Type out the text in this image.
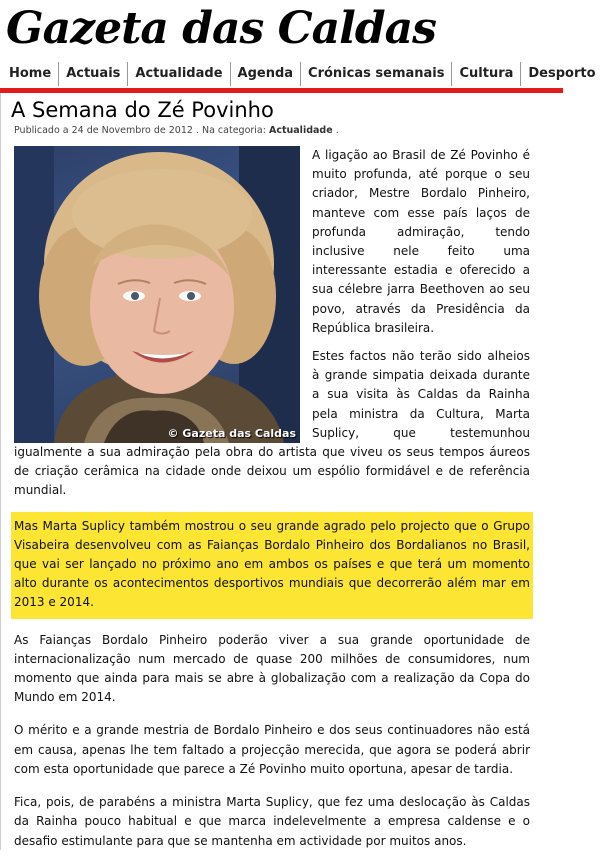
Gazeta das Caldas
Home	Actuais	Actualidade	Agenda	Crónicas semanais	Cultura	Desporto
A Semana do Zé Povinho
Publicado a 24 de Novembro de 2012 . Na categoria: Actualidade .
© Gazeta das Caldas

A ligação ao Brasil de Zé Povinho é muito profunda, até porque o seu criador, Mestre Bordalo Pinheiro, manteve com esse país laços de profunda admiração, tendo inclusive nele feito uma interessante estadia e oferecido a sua célebre jarra Beethoven ao seu povo, através da Presidência da República brasileira.

Estes factos não terão sido alheios à grande simpatia deixada durante a sua visita às Caldas da Rainha pela ministra da Cultura, Marta Suplicy, que testemunhou igualmente a sua admiração pela obra do artista que viveu os seus tempos áureos de criação cerâmica na cidade onde deixou um espólio formidável e de referência mundial.

Mas Marta Suplicy também mostrou o seu grande agrado pelo projecto que o Grupo Visabeira desenvolveu com as Faianças Bordalo Pinheiro dos Bordalianos no Brasil, que vai ser lançado no próximo ano em ambos os países e que terá um momento alto durante os acontecimentos desportivos mundiais que decorrerão além mar em 2013 e 2014.

As Faianças Bordalo Pinheiro poderão viver a sua grande oportunidade de internacionalização num mercado de quase 200 milhões de consumidores, num momento que ainda para mais se abre à globalização com a realização da Copa do Mundo em 2014.

O mérito e a grande mestria de Bordalo Pinheiro e dos seus continuadores não está em causa, apenas lhe tem faltado a projecção merecida, que agora se poderá abrir com esta oportunidade que parece a Zé Povinho muito oportuna, apesar de tardia.

Fica, pois, de parabéns a ministra Marta Suplicy, que fez uma deslocação às Caldas da Rainha pouco habitual e que marca indelevelmente a empresa caldense e o desafio estimulante para que se mantenha em actividade por muitos anos.
